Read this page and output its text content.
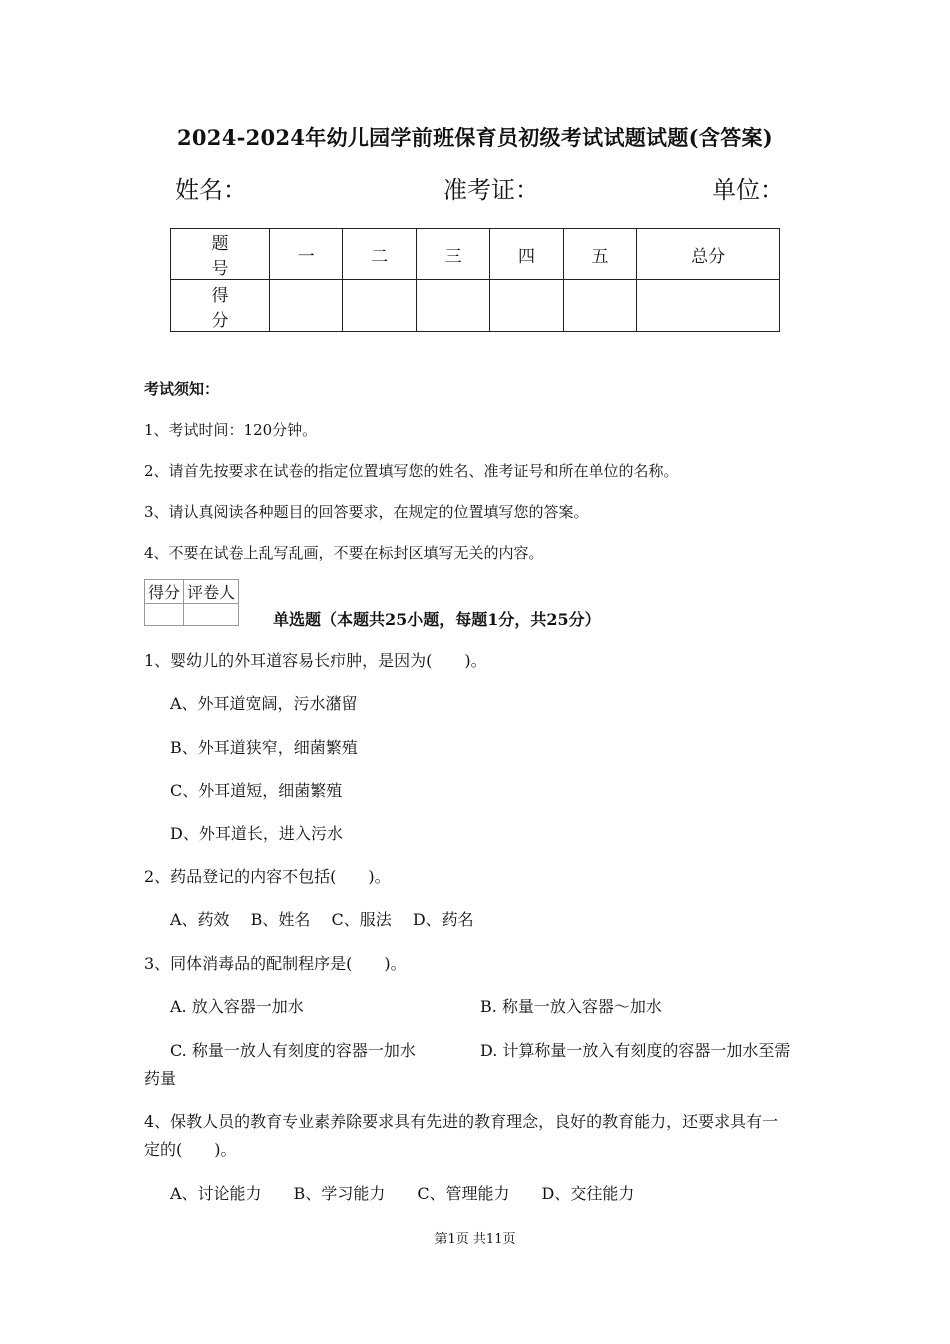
2024-2024年幼儿园学前班保育员初级考试试题试题(含答案)
姓名：	准考证：	单位：
题　号	一	二	三	四	五	总分
得　分						
考试须知：
1、考试时间：120分钟。
2、请首先按要求在试卷的指定位置填写您的姓名、准考证号和所在单位的名称。
3、请认真阅读各种题目的回答要求，在规定的位置填写您的答案。
4、不要在试卷上乱写乱画，不要在标封区填写无关的内容。
得分	评卷人

单选题（本题共25小题，每题1分，共25分）
1、婴幼儿的外耳道容易长疖肿，是因为(　　)。
A、外耳道宽阔，污水潴留
B、外耳道狭窄，细菌繁殖
C、外耳道短，细菌繁殖
D、外耳道长，进入污水
2、药品登记的内容不包括(　　)。
A、药效　 B、姓名　 C、服法　 D、药名
3、同体消毒品的配制程序是(　　)。
A. 放入容器一加水	B. 称量一放入容器～加水
C. 称量一放人有刻度的容器一加水	D. 计算称量一放入有刻度的容器一加水至需
药量
4、保教人员的教育专业素养除要求具有先进的教育理念，良好的教育能力，还要求具有一
定的(　　)。
A、讨论能力　　B、学习能力　　C、管理能力　　D、交往能力
第1页 共11页
